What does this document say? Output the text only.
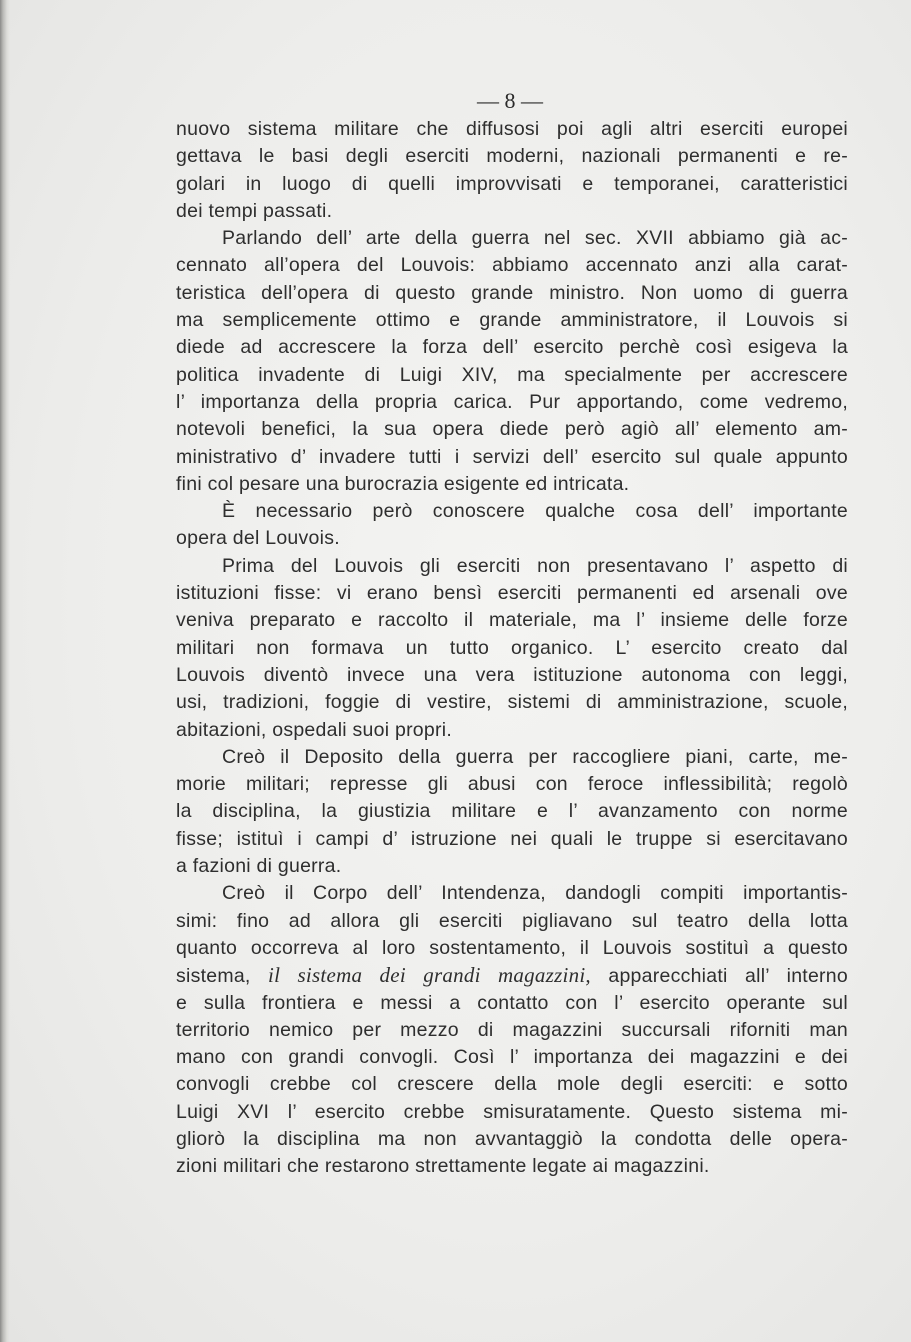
— 8 —
nuovo sistema militare che diffusosi poi agli altri eserciti europei
gettava le basi degli eserciti moderni, nazionali permanenti e re-
golari in luogo di quelli improvvisati e temporanei, caratteristici
dei tempi passati.
Parlando dell’ arte della guerra nel sec. XVII abbiamo già ac-
cennato all’opera del Louvois: abbiamo accennato anzi alla carat-
teristica dell’opera di questo grande ministro. Non uomo di guerra
ma semplicemente ottimo e grande amministratore, il Louvois si
diede ad accrescere la forza dell’ esercito perchè così esigeva la
politica invadente di Luigi XIV, ma specialmente per accrescere
l’ importanza della propria carica. Pur apportando, come vedremo,
notevoli benefici, la sua opera diede però agiò all’ elemento am-
ministrativo d’ invadere tutti i servizi dell’ esercito sul quale appunto
fini col pesare una burocrazia esigente ed intricata.
È necessario però conoscere qualche cosa dell’ importante
opera del Louvois.
Prima del Louvois gli eserciti non presentavano l’ aspetto di
istituzioni fisse: vi erano bensì eserciti permanenti ed arsenali ove
veniva preparato e raccolto il materiale, ma l’ insieme delle forze
militari non formava un tutto organico. L’ esercito creato dal
Louvois diventò invece una vera istituzione autonoma con leggi,
usi, tradizioni, foggie di vestire, sistemi di amministrazione, scuole,
abitazioni, ospedali suoi propri.
Creò il Deposito della guerra per raccogliere piani, carte, me-
morie militari; represse gli abusi con feroce inflessibilità; regolò
la disciplina, la giustizia militare e l’ avanzamento con norme
fisse; istituì i campi d’ istruzione nei quali le truppe si esercitavano
a fazioni di guerra.
Creò il Corpo dell’ Intendenza, dandogli compiti importantis-
simi: fino ad allora gli eserciti pigliavano sul teatro della lotta
quanto occorreva al loro sostentamento, il Louvois sostituì a questo
sistema, il sistema dei grandi magazzini, apparecchiati all’ interno
e sulla frontiera e messi a contatto con l’ esercito operante sul
territorio nemico per mezzo di magazzini succursali riforniti man
mano con grandi convogli. Così l’ importanza dei magazzini e dei
convogli crebbe col crescere della mole degli eserciti: e sotto
Luigi XVI l’ esercito crebbe smisuratamente. Questo sistema mi-
gliorò la disciplina ma non avvantaggiò la condotta delle opera-
zioni militari che restarono strettamente legate ai magazzini.
